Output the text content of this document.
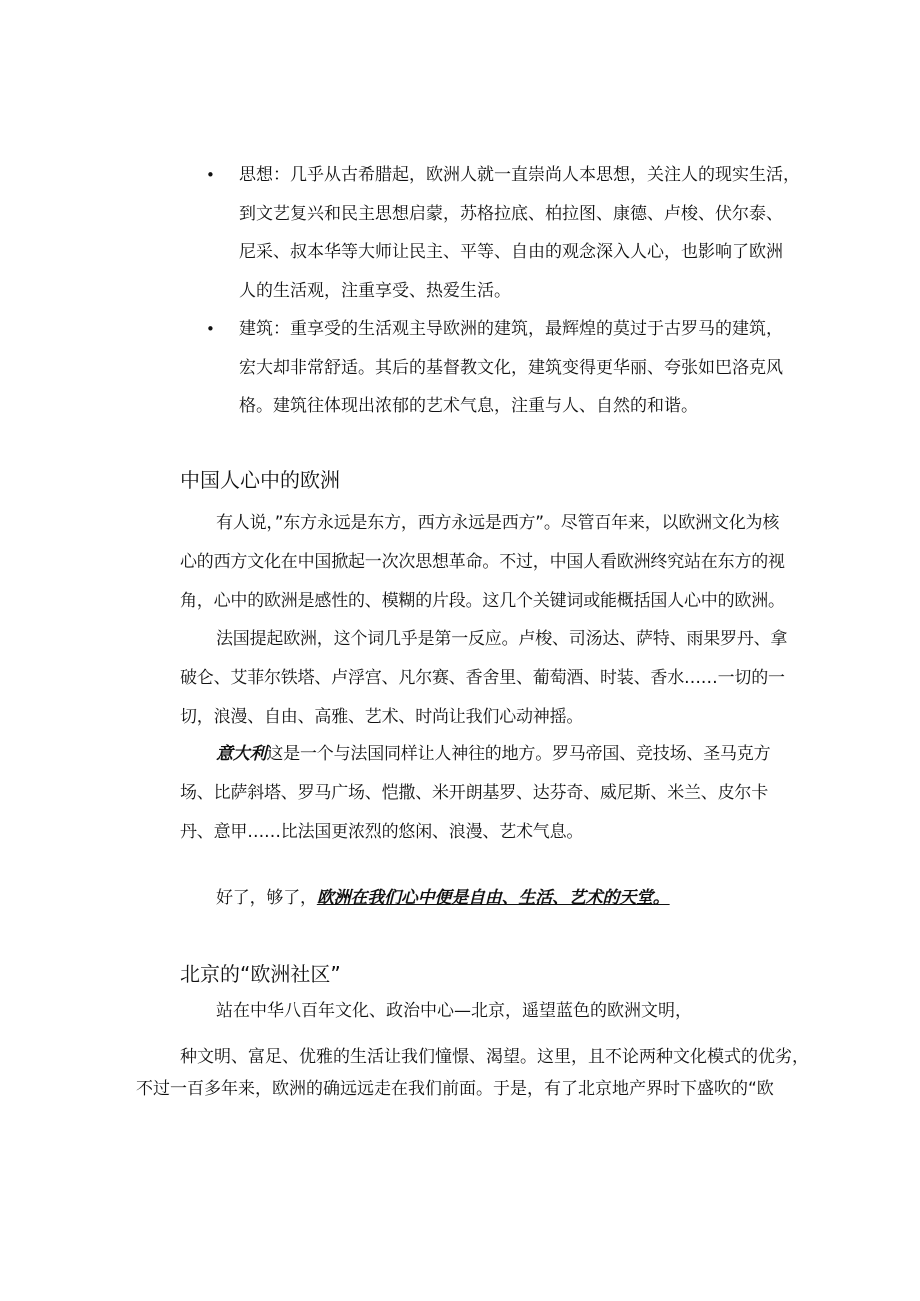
• 思想：几乎从古希腊起，欧洲人就一直崇尚人本思想，关注人的现实生活，
到文艺复兴和民主思想启蒙，苏格拉底、柏拉图、康德、卢梭、伏尔泰、
尼采、叔本华等大师让民主、平等、自由的观念深入人心，也影响了欧洲
人的生活观，注重享受、热爱生活。
• 建筑：重享受的生活观主导欧洲的建筑，最辉煌的莫过于古罗马的建筑，
宏大却非常舒适。其后的基督教文化，建筑变得更华丽、夸张如巴洛克风
格。建筑往体现出浓郁的艺术气息，注重与人、自然的和谐。
中国人心中的欧洲

有人说，”东方永远是东方，西方永远是西方”。尽管百年来，以欧洲文化为核心的西方文化在中国掀起一次次思想革命。不过，中国人看欧洲终究站在东方的视角，心中的欧洲是感性的、模糊的片段。这几个关键词或能概括国人心中的欧洲。

法国提起欧洲，这个词几乎是第一反应。卢梭、司汤达、萨特、雨果罗丹、拿破仑、艾菲尔铁塔、卢浮宫、凡尔赛、香舍里、葡萄酒、时装、香水……一切的一切，浪漫、自由、高雅、艺术、时尚让我们心动神摇。

意大利这是一个与法国同样让人神往的地方。罗马帝国、竞技场、圣马克方场、比萨斜塔、罗马广场、恺撒、米开朗基罗、达芬奇、威尼斯、米兰、皮尔卡丹、意甲……比法国更浓烈的悠闲、浪漫、艺术气息。

好了，够了，欧洲在我们心中便是自由、生活、艺术的天堂。

北京的“欧洲社区”

站在中华八百年文化、政治中心—北京，遥望蓝色的欧洲文明，

种文明、富足、优雅的生活让我们憧憬、渴望。这里，且不论两种文化模式的优劣，

不过一百多年来，欧洲的确远远走在我们前面。于是，有了北京地产界时下盛吹的“欧
